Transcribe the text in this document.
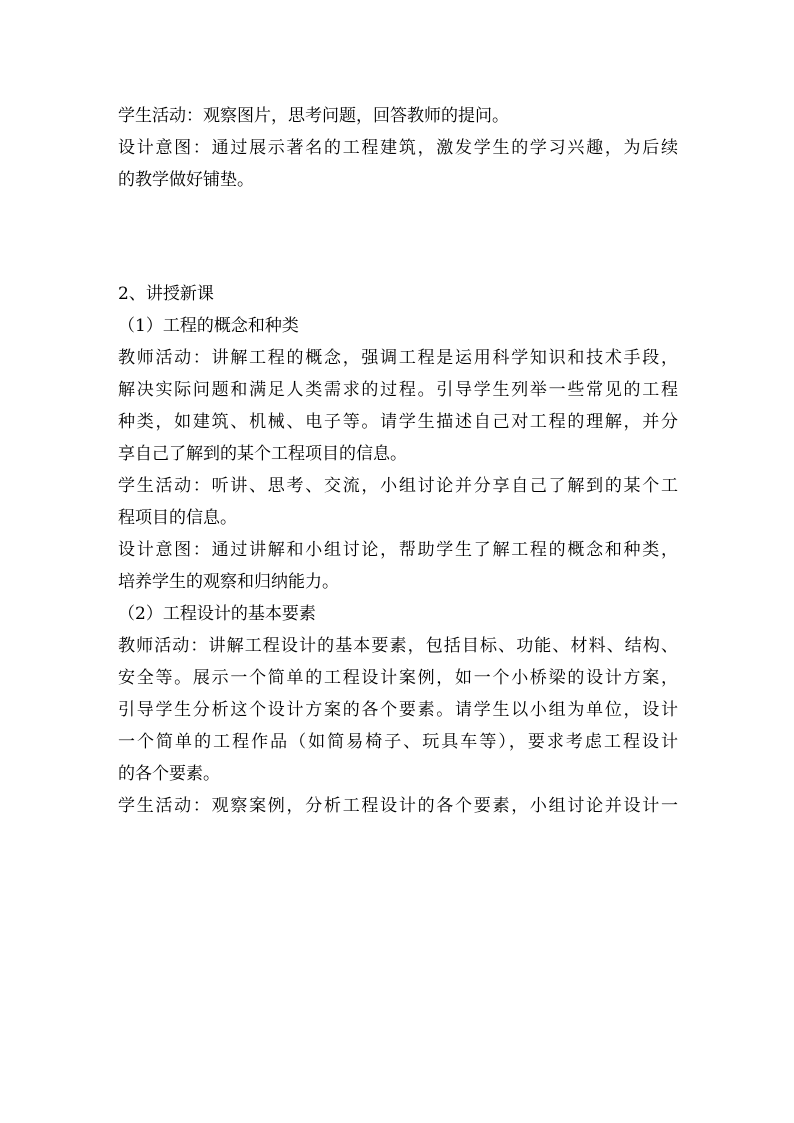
学生活动：观察图片，思考问题，回答教师的提问。
设计意图：通过展示著名的工程建筑，激发学生的学习兴趣，为后续
的教学做好铺垫。
2、讲授新课
（1）工程的概念和种类
教师活动：讲解工程的概念，强调工程是运用科学知识和技术手段，
解决实际问题和满足人类需求的过程。引导学生列举一些常见的工程
种类，如建筑、机械、电子等。请学生描述自己对工程的理解，并分
享自己了解到的某个工程项目的信息。
学生活动：听讲、思考、交流，小组讨论并分享自己了解到的某个工
程项目的信息。
设计意图：通过讲解和小组讨论，帮助学生了解工程的概念和种类，
培养学生的观察和归纳能力。
（2）工程设计的基本要素
教师活动：讲解工程设计的基本要素，包括目标、功能、材料、结构、
安全等。展示一个简单的工程设计案例，如一个小桥梁的设计方案，
引导学生分析这个设计方案的各个要素。请学生以小组为单位，设计
一个简单的工程作品（如简易椅子、玩具车等），要求考虑工程设计
的各个要素。
学生活动：观察案例，分析工程设计的各个要素，小组讨论并设计一
